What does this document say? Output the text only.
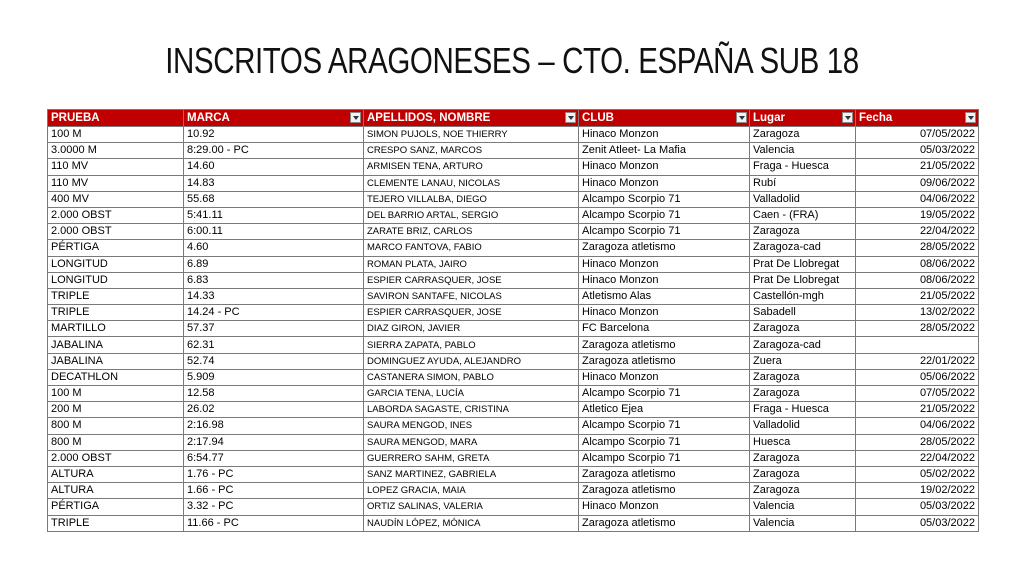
INSCRITOS ARAGONESES – CTO. ESPAÑA SUB 18
PRUEBA	MARCA	APELLIDOS, NOMBRE	CLUB	Lugar	Fecha

100 M	10.92	SIMON PUJOLS, NOE THIERRY	Hinaco Monzon	Zaragoza	07/05/2022
3.0000 M	8:29.00 - PC	CRESPO SANZ, MARCOS	Zenit Atleet- La Mafia	Valencia	05/03/2022
110 MV	14.60	ARMISEN TENA, ARTURO	Hinaco Monzon	Fraga - Huesca	21/05/2022
110 MV	14.83	CLEMENTE LANAU, NICOLAS	Hinaco Monzon	Rubí	09/06/2022
400 MV	55.68	TEJERO VILLALBA, DIEGO	Alcampo Scorpio 71	Valladolid	04/06/2022
2.000 OBST	5:41.11	DEL BARRIO ARTAL, SERGIO	Alcampo Scorpio 71	Caen - (FRA)	19/05/2022
2.000 OBST	6:00.11	ZARATE BRIZ, CARLOS	Alcampo Scorpio 71	Zaragoza	22/04/2022
PÉRTIGA	4.60	MARCO FANTOVA, FABIO	Zaragoza atletismo	Zaragoza-cad	28/05/2022
LONGITUD	6.89	ROMAN PLATA, JAIRO	Hinaco Monzon	Prat De Llobregat	08/06/2022
LONGITUD	6.83	ESPIER CARRASQUER, JOSE	Hinaco Monzon	Prat De Llobregat	08/06/2022
TRIPLE	14.33	SAVIRON SANTAFE, NICOLAS	Atletismo Alas	Castellón-mgh	21/05/2022
TRIPLE	14.24 - PC	ESPIER CARRASQUER, JOSE	Hinaco Monzon	Sabadell	13/02/2022
MARTILLO	57.37	DIAZ GIRON, JAVIER	FC Barcelona	Zaragoza	28/05/2022
JABALINA	62.31	SIERRA ZAPATA, PABLO	Zaragoza atletismo	Zaragoza-cad	
JABALINA	52.74	DOMINGUEZ AYUDA, ALEJANDRO	Zaragoza atletismo	Zuera	22/01/2022
DECATHLON	5.909	CASTANERA SIMON, PABLO	Hinaco Monzon	Zaragoza	05/06/2022
100 M	12.58	GARCIA TENA, LUCÍA	Alcampo Scorpio 71	Zaragoza	07/05/2022
200 M	26.02	LABORDA SAGASTE, CRISTINA	Atletico Ejea	Fraga - Huesca	21/05/2022
800 M	2:16.98	SAURA MENGOD, INES	Alcampo Scorpio 71	Valladolid	04/06/2022
800 M	2:17.94	SAURA MENGOD, MARA	Alcampo Scorpio 71	Huesca	28/05/2022
2.000 OBST	6:54.77	GUERRERO SAHM, GRETA	Alcampo Scorpio 71	Zaragoza	22/04/2022
ALTURA	1.76 - PC	SANZ MARTINEZ, GABRIELA	Zaragoza atletismo	Zaragoza	05/02/2022
ALTURA	1.66 - PC	LOPEZ GRACIA, MAIA	Zaragoza atletismo	Zaragoza	19/02/2022
PÉRTIGA	3.32 - PC	ORTIZ SALINAS, VALERIA	Hinaco Monzon	Valencia	05/03/2022
TRIPLE	11.66 - PC	NAUDÍN LÓPEZ, MÓNICA	Zaragoza atletismo	Valencia	05/03/2022
